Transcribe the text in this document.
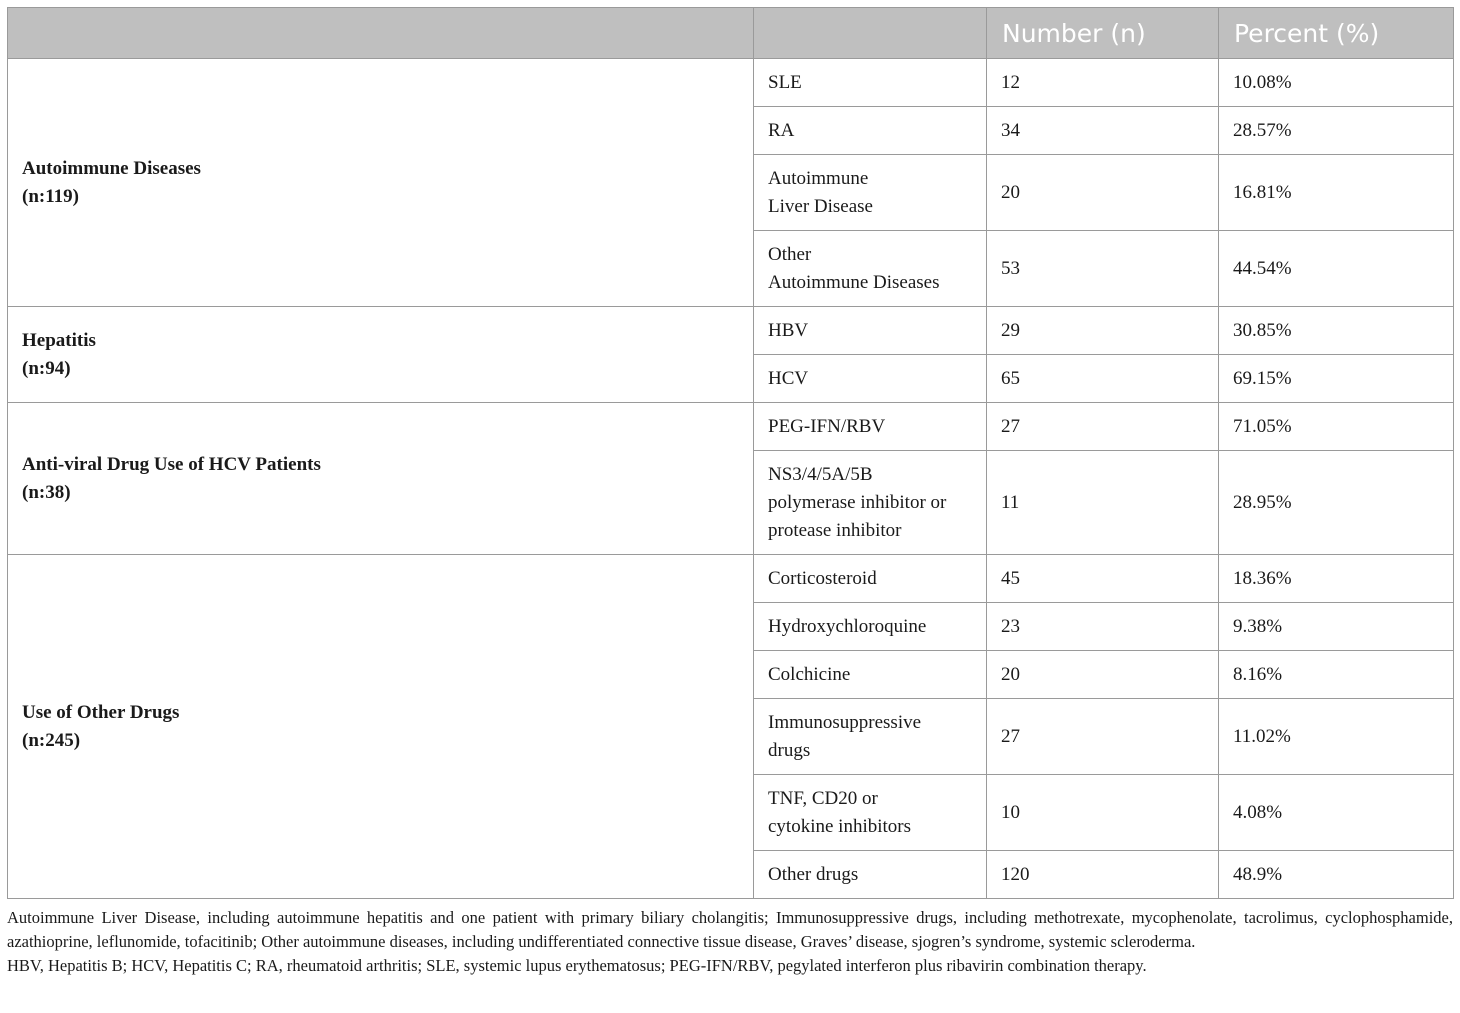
		Number (n)	Percent (%)

Autoimmune Diseases
(n:119)	SLE	12	10.08%
	RA	34	28.57%
	Autoimmune
Liver Disease	20	16.81%
	Other
Autoimmune Diseases	53	44.54%

Hepatitis
(n:94)	HBV	29	30.85%
	HCV	65	69.15%

Anti-viral Drug Use of HCV Patients
(n:38)	PEG-IFN/RBV	27	71.05%
	NS3/4/5A/5B
polymerase inhibitor or
protease inhibitor	11	28.95%

Use of Other Drugs
(n:245)	Corticosteroid	45	18.36%
	Hydroxychloroquine	23	9.38%
	Colchicine	20	8.16%
	Immunosuppressive
drugs	27	11.02%
	TNF, CD20 or
cytokine inhibitors	10	4.08%
	Other drugs	120	48.9%

Autoimmune Liver Disease, including autoimmune hepatitis and one patient with primary biliary cholangitis; Immunosuppressive drugs, including methotrexate, mycophenolate, tacrolimus, cyclophosphamide, azathioprine, leflunomide, tofacitinib; Other autoimmune diseases, including undifferentiated connective tissue disease, Graves’ disease, sjogren’s syndrome, systemic scleroderma.

HBV, Hepatitis B; HCV, Hepatitis C; RA, rheumatoid arthritis; SLE, systemic lupus erythematosus; PEG-IFN/RBV, pegylated interferon plus ribavirin combination therapy.
